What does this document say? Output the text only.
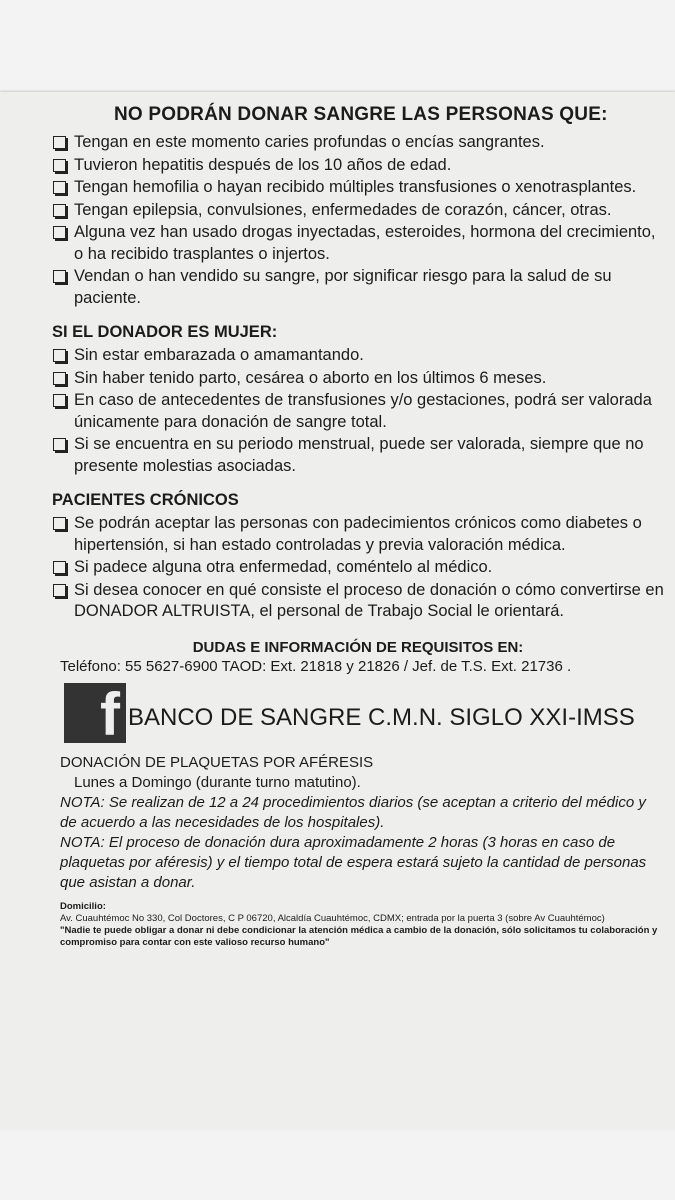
NO PODRÁN DONAR SANGRE LAS PERSONAS QUE:
Tengan en este momento caries profundas o encías sangrantes.
Tuvieron hepatitis después de los 10 años de edad.
Tengan hemofilia o hayan recibido múltiples transfusiones o xenotrasplantes.
Tengan epilepsia, convulsiones, enfermedades de corazón, cáncer, otras.
Alguna vez han usado drogas inyectadas, esteroides, hormona del crecimiento, o ha recibido trasplantes o injertos.
Vendan o han vendido su sangre, por significar riesgo para la salud de su paciente.
SI EL DONADOR ES MUJER:
Sin estar embarazada o amamantando.
Sin haber tenido parto, cesárea o aborto en los últimos 6 meses.
En caso de antecedentes de transfusiones y/o gestaciones, podrá ser valorada únicamente para donación de sangre total.
Si se encuentra en su periodo menstrual, puede ser valorada, siempre que no presente molestias asociadas.
PACIENTES CRÓNICOS
Se podrán aceptar las personas con padecimientos crónicos como diabetes o hipertensión, si han estado controladas y previa valoración médica.
Si padece alguna otra enfermedad, coméntelo al médico.
Si desea conocer en qué consiste el proceso de donación o cómo convertirse en DONADOR ALTRUISTA, el personal de Trabajo Social le orientará.
DUDAS E INFORMACIÓN DE REQUISITOS EN:
Teléfono: 55 5627-6900 TAOD: Ext. 21818 y 21826 / Jef. de T.S. Ext. 21736 .
f BANCO DE SANGRE C.M.N. SIGLO XXI-IMSS
DONACIÓN DE PLAQUETAS POR AFÉRESIS
Lunes a Domingo (durante turno matutino).
NOTA: Se realizan de 12 a 24 procedimientos diarios (se aceptan a criterio del médico y de acuerdo a las necesidades de los hospitales).
NOTA: El proceso de donación dura aproximadamente 2 horas (3 horas en caso de plaquetas por aféresis) y el tiempo total de espera estará sujeto la cantidad de personas que asistan a donar.
Domicilio:
Av. Cuauhtémoc No 330, Col Doctores, C P 06720, Alcaldía Cuauhtémoc, CDMX; entrada por la puerta 3 (sobre Av Cuauhtémoc)
"Nadie te puede obligar a donar ni debe condicionar la atención médica a cambio de la donación, sólo solicitamos tu colaboración y compromiso para contar con este valioso recurso humano"
